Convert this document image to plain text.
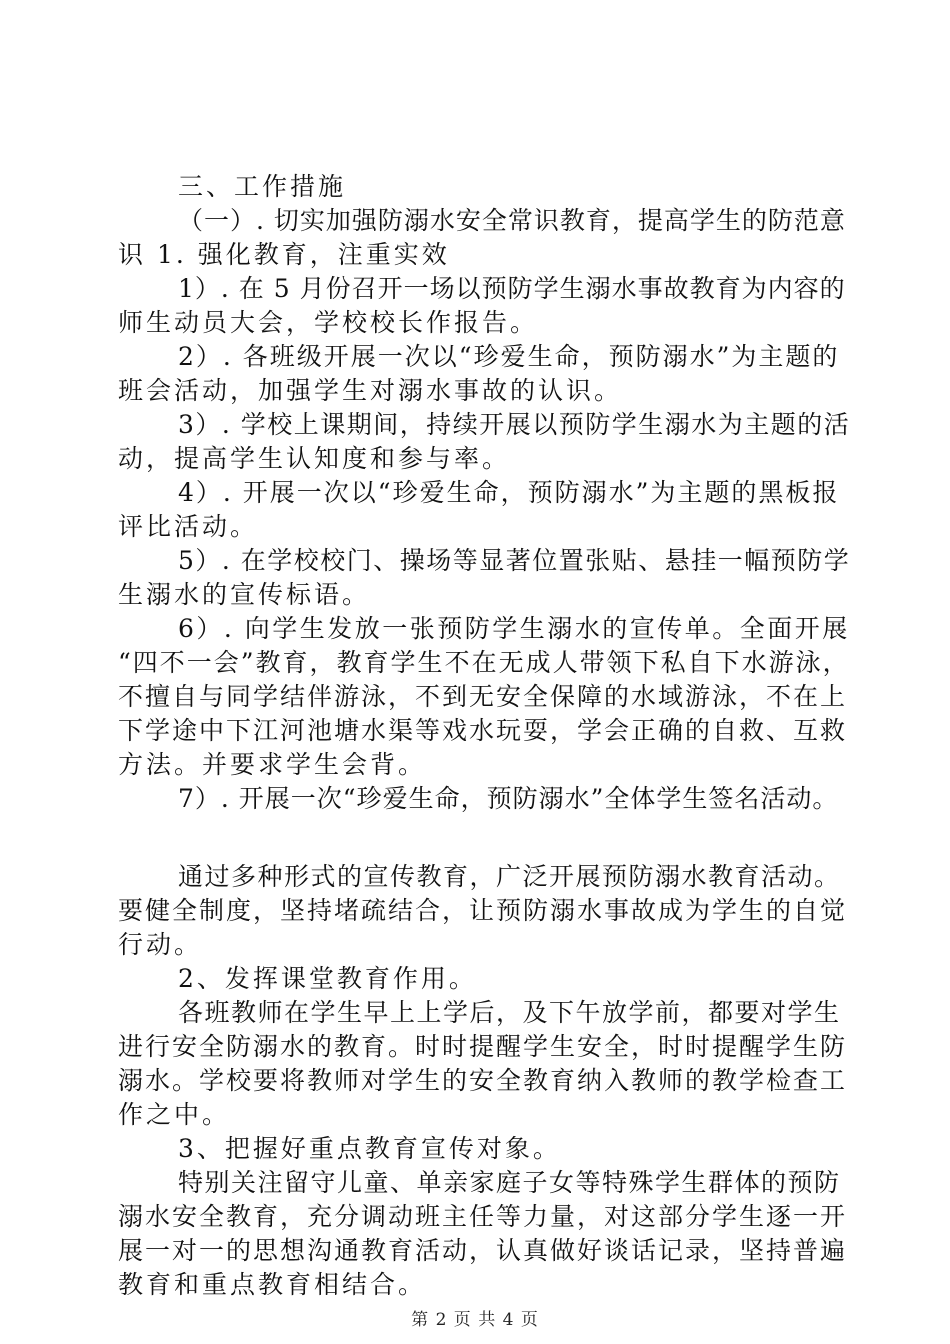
三、工作措施
（一）. 切实加强防溺水安全常识教育，提高学生的防范意
识 1. 强化教育，注重实效
1）. 在 5 月份召开一场以预防学生溺水事故教育为内容的
师生动员大会，学校校长作报告。
2）. 各班级开展一次以“珍爱生命，预防溺水”为主题的
班会活动，加强学生对溺水事故的认识。
3）. 学校上课期间，持续开展以预防学生溺水为主题的活
动，提高学生认知度和参与率。
4）. 开展一次以“珍爱生命，预防溺水”为主题的黑板报
评比活动。
5）. 在学校校门、操场等显著位置张贴、悬挂一幅预防学
生溺水的宣传标语。
6）. 向学生发放一张预防学生溺水的宣传单。全面开展
“四不一会”教育，教育学生不在无成人带领下私自下水游泳，
不擅自与同学结伴游泳，不到无安全保障的水域游泳，不在上
下学途中下江河池塘水渠等戏水玩耍，学会正确的自救、互救
方法。并要求学生会背。
7）. 开展一次“珍爱生命，预防溺水”全体学生签名活动。
通过多种形式的宣传教育，广泛开展预防溺水教育活动。
要健全制度，坚持堵疏结合，让预防溺水事故成为学生的自觉
行动。
2、发挥课堂教育作用。
各班教师在学生早上上学后，及下午放学前，都要对学生
进行安全防溺水的教育。时时提醒学生安全，时时提醒学生防
溺水。学校要将教师对学生的安全教育纳入教师的教学检查工
作之中。
3、把握好重点教育宣传对象。
特别关注留守儿童、单亲家庭子女等特殊学生群体的预防
溺水安全教育，充分调动班主任等力量，对这部分学生逐一开
展一对一的思想沟通教育活动，认真做好谈话记录，坚持普遍
教育和重点教育相结合。
第 2 页 共 4 页
